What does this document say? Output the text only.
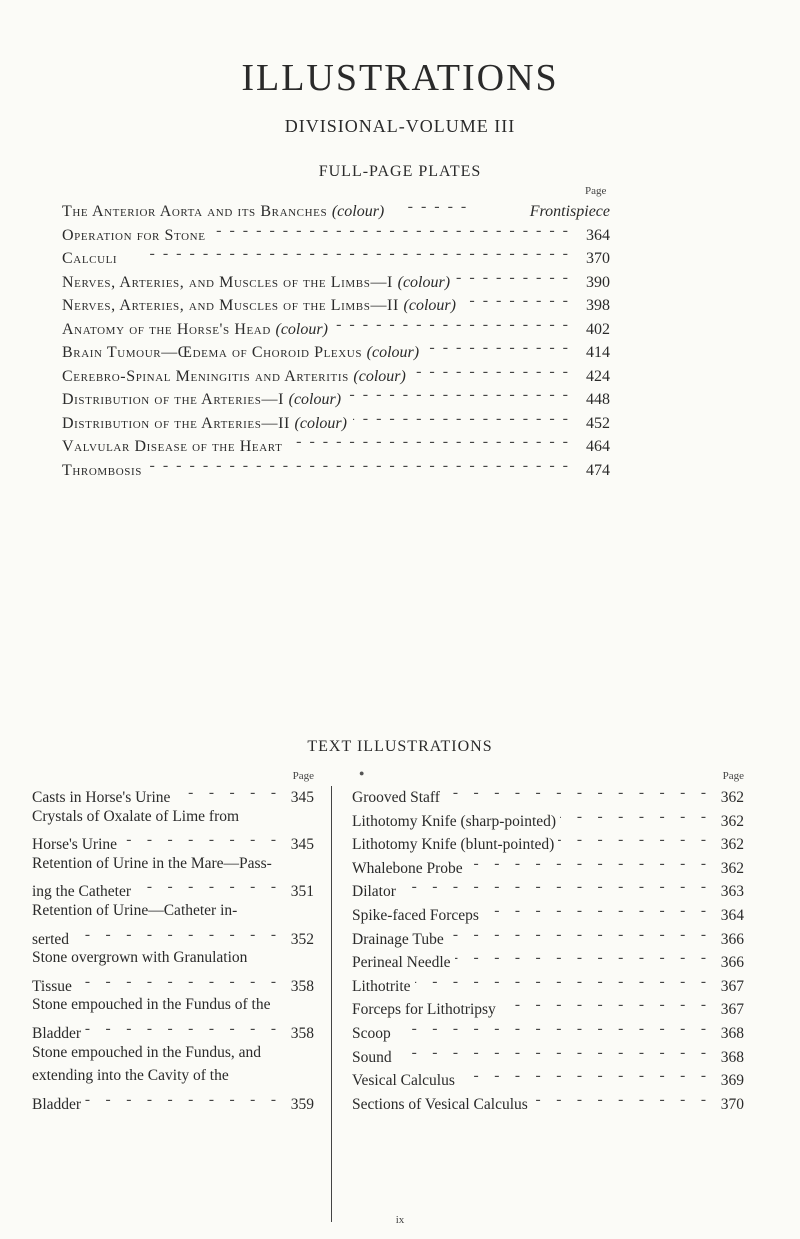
ILLUSTRATIONS
DIVISIONAL-VOLUME III
FULL-PAGE PLATES
Page
The Anterior Aorta and its Branches (colour) - -	Frontispiece
Operation for Stone - -	364
Calculi - -	370
Nerves, Arteries, and Muscles of the Limbs—I (colour) - -	390
Nerves, Arteries, and Muscles of the Limbs—II (colour) - -	398
Anatomy of the Horse's Head (colour) - -	402
Brain Tumour—Œdema of Choroid Plexus (colour) - -	414
Cerebro-Spinal Meningitis and Arteritis (colour) - -	424
Distribution of the Arteries—I (colour) - -	448
Distribution of the Arteries—II (colour) - -	452
Valvular Disease of the Heart - -	464
Thrombosis - -	474
TEXT ILLUSTRATIONS
●
Page
Casts in Horse's Urine -	345
Crystals of Oxalate of Lime from
Horse's Urine -	345
Retention of Urine in the Mare—Pass-
ing the Catheter -	351
Retention of Urine—Catheter in-
serted -	352
Stone overgrown with Granulation
Tissue -	358
Stone empouched in the Fundus of the
Bladder -	358
Stone empouched in the Fundus, and
extending into the Cavity of the
Bladder -	359
Page
Grooved Staff -	362
Lithotomy Knife (sharp-pointed) -	362
Lithotomy Knife (blunt-pointed) -	362
Whalebone Probe -	362
Dilator -	363
Spike-faced Forceps -	364
Drainage Tube -	366
Perineal Needle -	366
Lithotrite -	367
Forceps for Lithotripsy -	367
Scoop -	368
Sound -	368
Vesical Calculus -	369
Sections of Vesical Calculus -	370
ix
